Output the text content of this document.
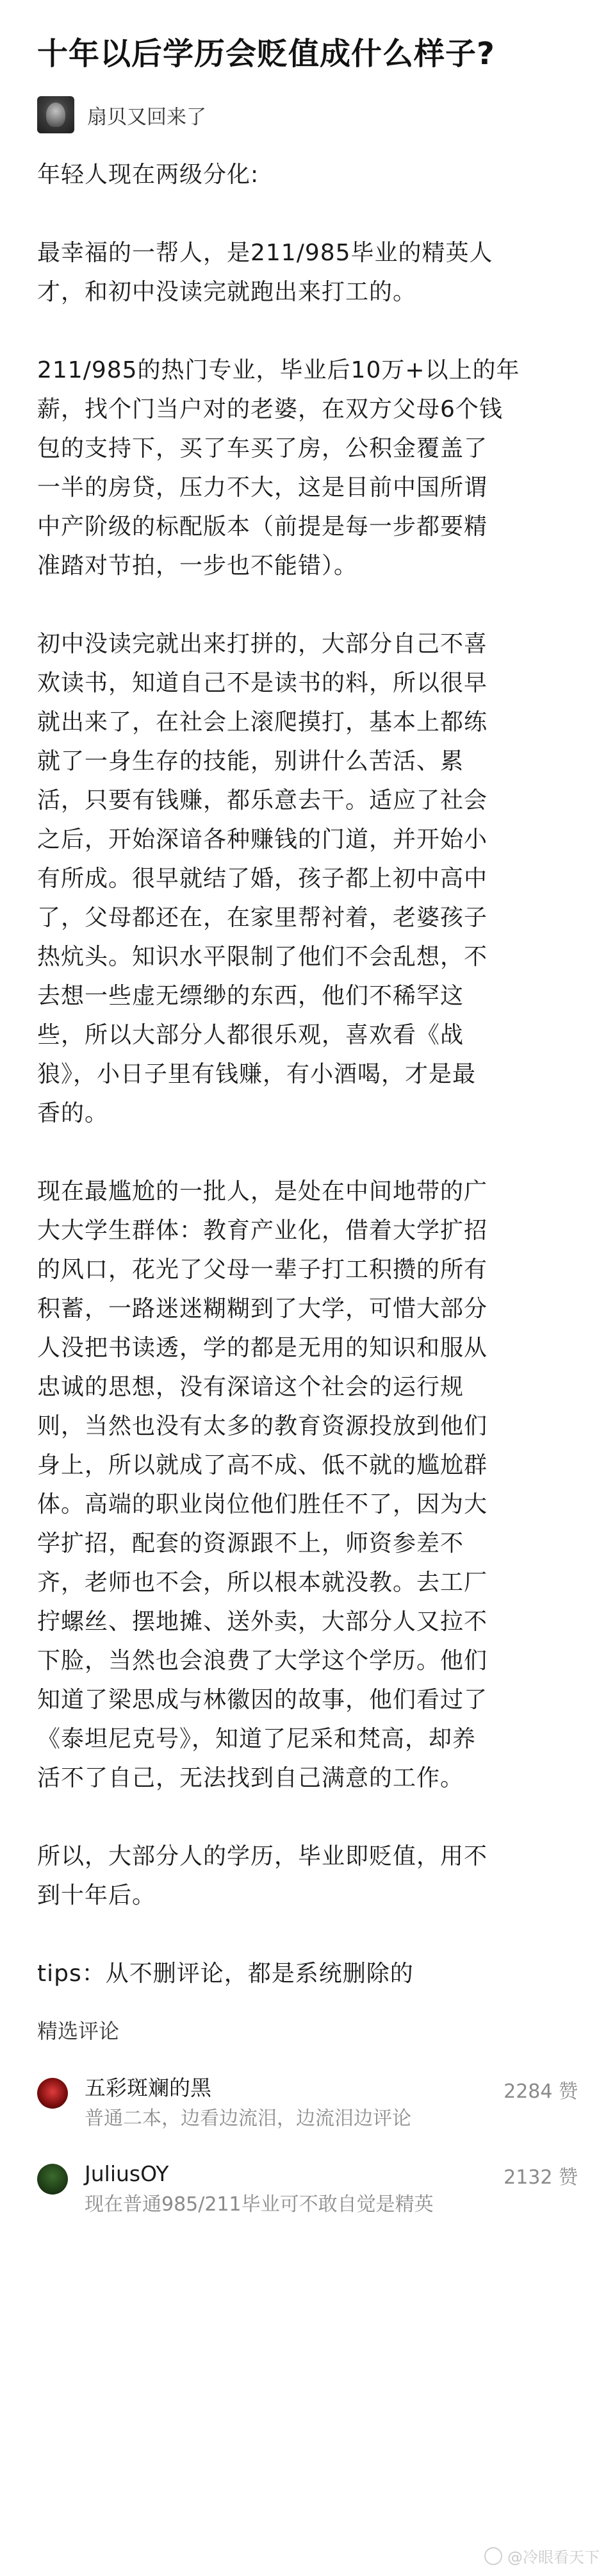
十年以后学历会贬值成什么样子?
扇贝又回来了

年轻人现在两级分化:

最幸福的一帮人，是211/985毕业的精英人
才，和初中没读完就跑出来打工的。

211/985的热门专业，毕业后10万+以上的年
薪，找个门当户对的老婆，在双方父母6个钱
包的支持下，买了车买了房，公积金覆盖了
一半的房贷，压力不大，这是目前中国所谓
中产阶级的标配版本（前提是每一步都要精
准踏对节拍，一步也不能错）。

初中没读完就出来打拼的，大部分自己不喜
欢读书，知道自己不是读书的料，所以很早
就出来了，在社会上滚爬摸打，基本上都练
就了一身生存的技能，别讲什么苦活、累
活，只要有钱赚，都乐意去干。适应了社会
之后，开始深谙各种赚钱的门道，并开始小
有所成。很早就结了婚，孩子都上初中高中
了，父母都还在，在家里帮衬着，老婆孩子
热炕头。知识水平限制了他们不会乱想，不
去想一些虚无缥缈的东西，他们不稀罕这
些，所以大部分人都很乐观，喜欢看《战
狼》，小日子里有钱赚，有小酒喝，才是最
香的。

现在最尴尬的一批人，是处在中间地带的广
大大学生群体：教育产业化，借着大学扩招
的风口，花光了父母一辈子打工积攒的所有
积蓄，一路迷迷糊糊到了大学，可惜大部分
人没把书读透，学的都是无用的知识和服从
忠诚的思想，没有深谙这个社会的运行规
则，当然也没有太多的教育资源投放到他们
身上，所以就成了高不成、低不就的尴尬群
体。高端的职业岗位他们胜任不了，因为大
学扩招，配套的资源跟不上，师资参差不
齐，老师也不会，所以根本就没教。去工厂
拧螺丝、摆地摊、送外卖，大部分人又拉不
下脸，当然也会浪费了大学这个学历。他们
知道了梁思成与林徽因的故事，他们看过了
《泰坦尼克号》，知道了尼采和梵高，却养
活不了自己，无法找到自己满意的工作。

所以，大部分人的学历，毕业即贬值，用不
到十年后。

tips：从不删评论，都是系统删除的

精选评论
五彩斑斓的黑
普通二本，边看边流泪，边流泪边评论
2284 赞
JuliusOY
现在普通985/211毕业可不敢自觉是精英
2132 赞
@冷眼看天下
